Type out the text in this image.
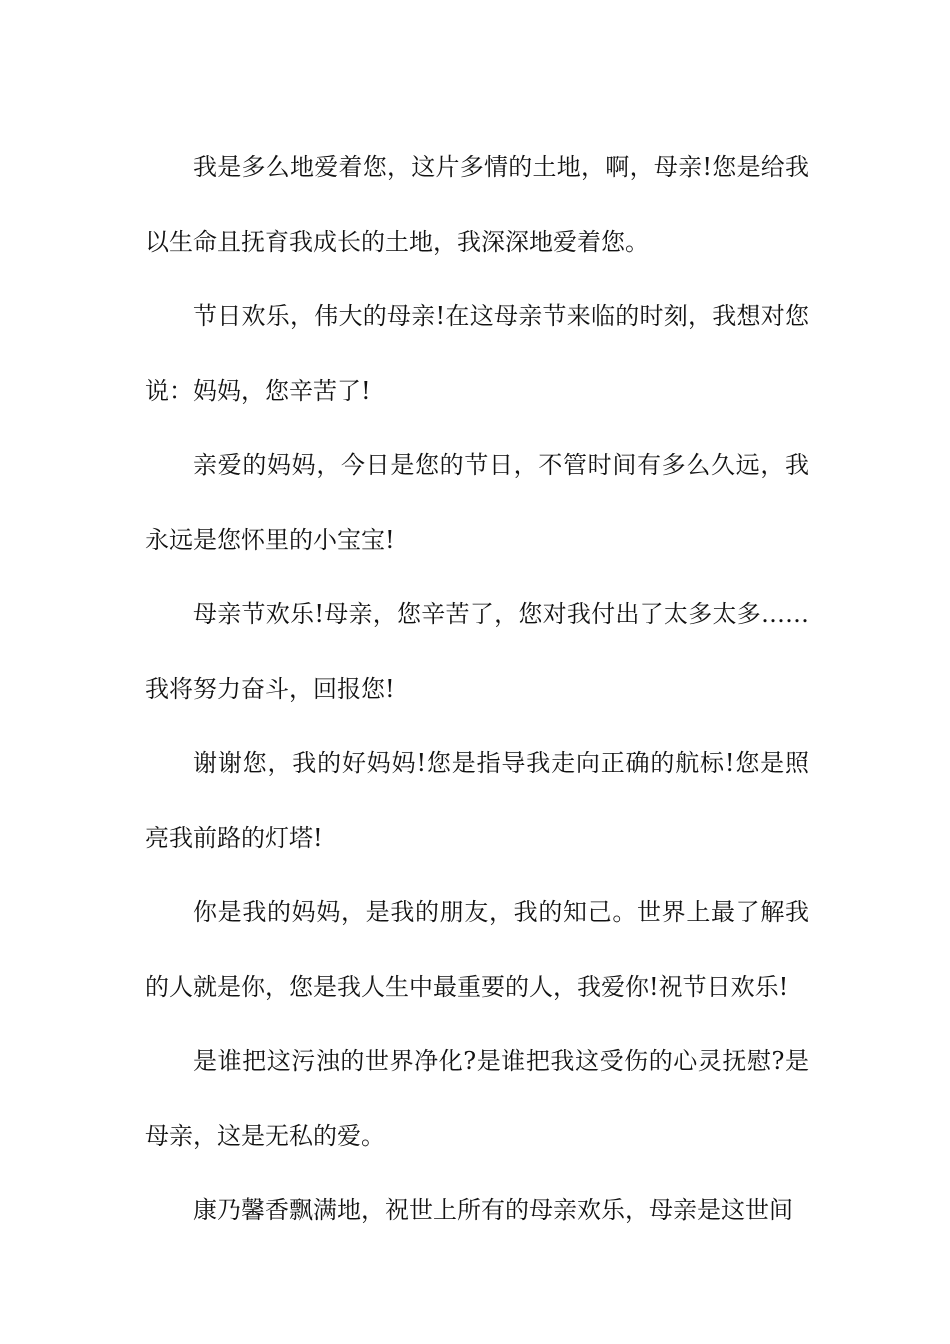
我是多么地爱着您，这片多情的土地，啊，母亲!您是给我以生命且抚育我成长的土地，我深深地爱着您。

节日欢乐，伟大的母亲!在这母亲节来临的时刻，我想对您说：妈妈，您辛苦了!

亲爱的妈妈，今日是您的节日，不管时间有多么久远，我永远是您怀里的小宝宝!

母亲节欢乐!母亲，您辛苦了，您对我付出了太多太多……我将努力奋斗，回报您!

谢谢您，我的好妈妈!您是指导我走向正确的航标!您是照亮我前路的灯塔!

你是我的妈妈，是我的朋友，我的知己。世界上最了解我的人就是你，您是我人生中最重要的人，我爱你!祝节日欢乐!

是谁把这污浊的世界净化?是谁把我这受伤的心灵抚慰?是母亲，这是无私的爱。

康乃馨香飘满地，祝世上所有的母亲欢乐，母亲是这世间
